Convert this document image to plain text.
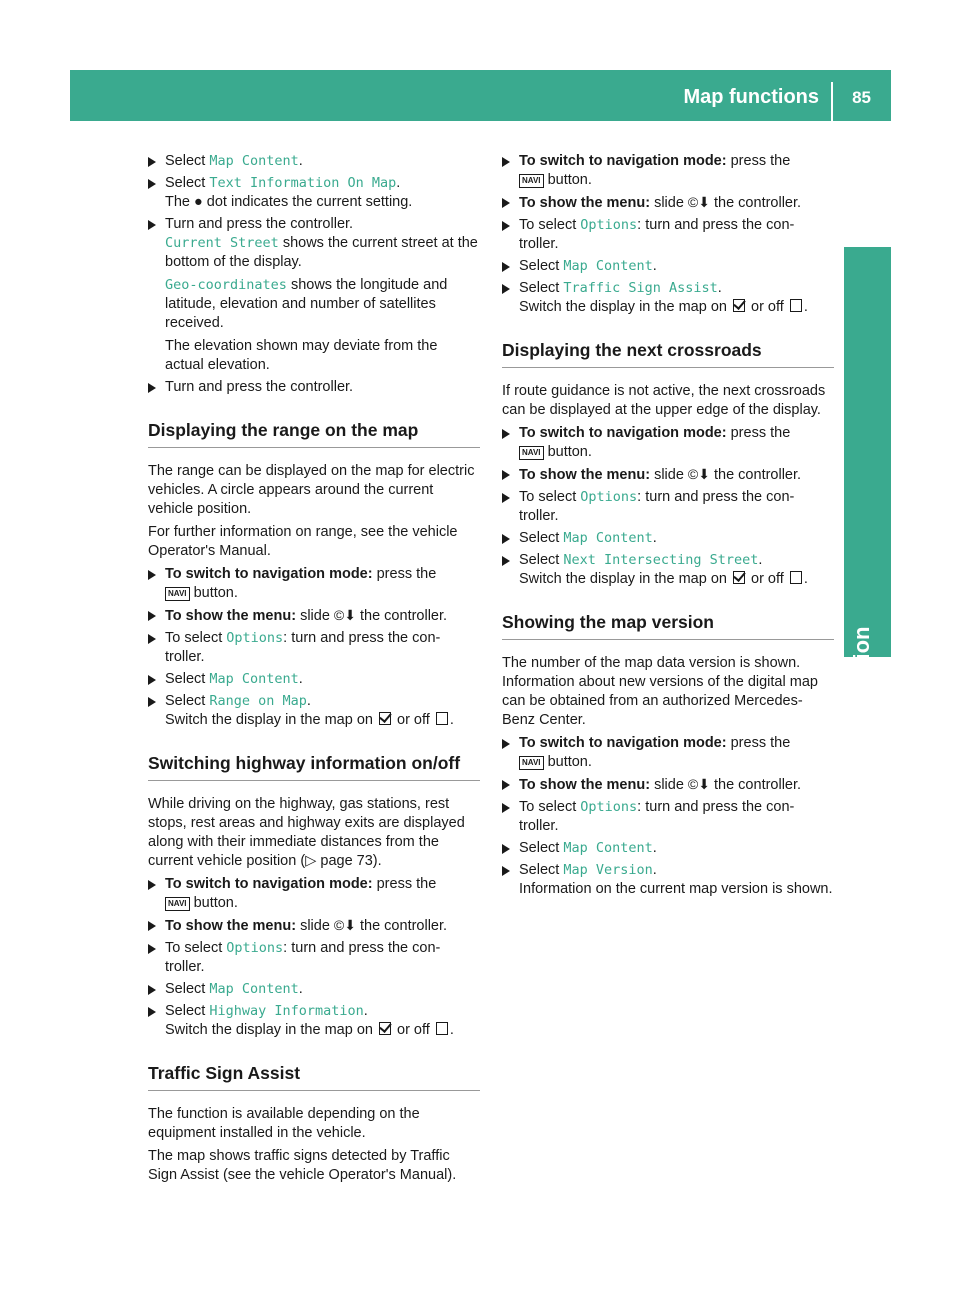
Map functions 85
Navigation
Select Map Content.
Select Text Information On Map.
The ● dot indicates the current setting.
Turn and press the controller.
Current Street shows the current street at the bottom of the display.
Geo-coordinates shows the longitude and latitude, elevation and number of satellites received.
The elevation shown may deviate from the actual elevation.
Turn and press the controller.
Displaying the range on the map

The range can be displayed on the map for electric vehicles. A circle appears around the current vehicle position.

For further information on range, see the vehicle Operator's Manual.

To switch to navigation mode: press the
NAVI button.
To show the menu: slide ©⬇ the controller.
To select Options: turn and press the con-
troller.
Select Map Content.
Select Range on Map.
Switch the display in the map on or off .
Switching highway information on/off

While driving on the highway, gas stations, rest stops, rest areas and highway exits are displayed along with their immediate distances from the current vehicle position (▷ page 73).

To switch to navigation mode: press the
NAVI button.
To show the menu: slide ©⬇ the controller.
To select Options: turn and press the con-
troller.
Select Map Content.
Select Highway Information.
Switch the display in the map on or off .
Traffic Sign Assist

The function is available depending on the equipment installed in the vehicle.

The map shows traffic signs detected by Traffic Sign Assist (see the vehicle Operator's Manual).

To switch to navigation mode: press the
NAVI button.
To show the menu: slide ©⬇ the controller.
To select Options: turn and press the con-
troller.
Select Map Content.
Select Traffic Sign Assist.
Switch the display in the map on or off .
Displaying the next crossroads

If route guidance is not active, the next crossroads can be displayed at the upper edge of the display.

To switch to navigation mode: press the
NAVI button.
To show the menu: slide ©⬇ the controller.
To select Options: turn and press the con-
troller.
Select Map Content.
Select Next Intersecting Street.
Switch the display in the map on or off .
Showing the map version

The number of the map data version is shown. Information about new versions of the digital map can be obtained from an authorized Mercedes-Benz Center.

To switch to navigation mode: press the
NAVI button.
To show the menu: slide ©⬇ the controller.
To select Options: turn and press the con-
troller.
Select Map Content.
Select Map Version.
Information on the current map version is shown.
